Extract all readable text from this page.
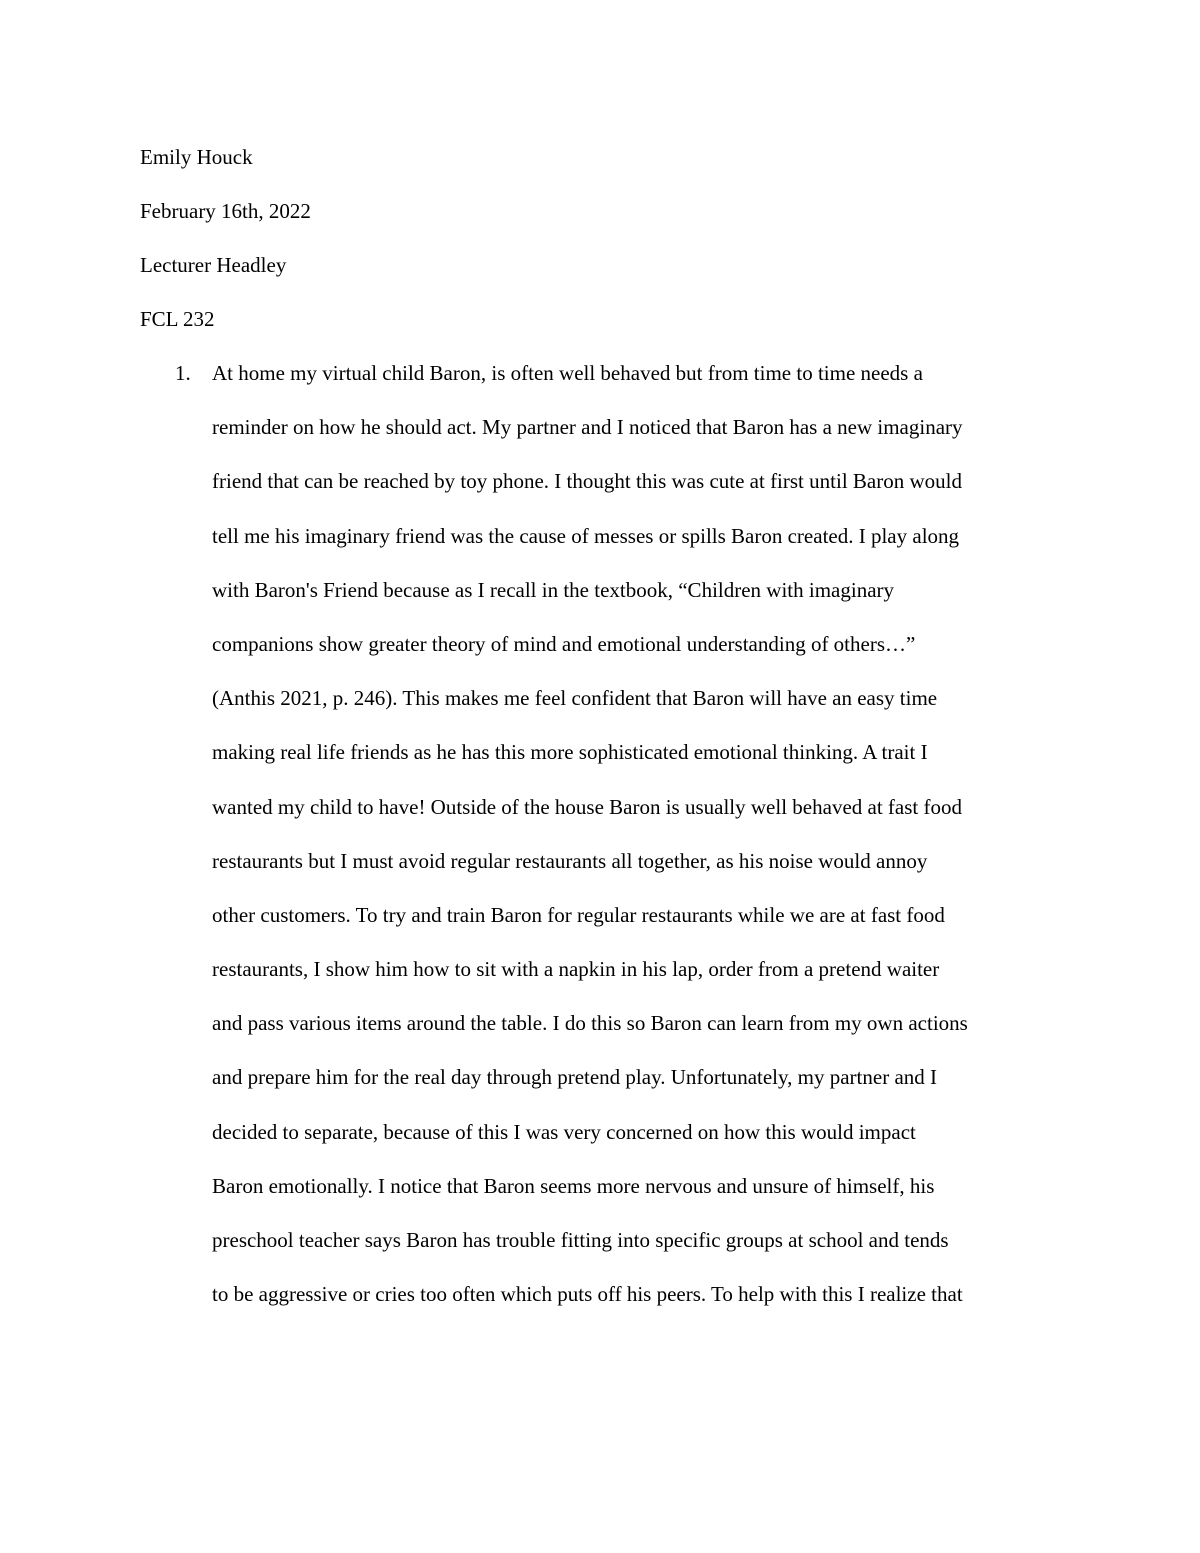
Emily Houck
February 16th, 2022
Lecturer Headley
FCL 232
1. At home my virtual child Baron, is often well behaved but from time to time needs a
reminder on how he should act. My partner and I noticed that Baron has a new imaginary
friend that can be reached by toy phone. I thought this was cute at first until Baron would
tell me his imaginary friend was the cause of messes or spills Baron created. I play along
with Baron's Friend because as I recall in the textbook, “Children with imaginary
companions show greater theory of mind and emotional understanding of others…”
(Anthis 2021, p. 246). This makes me feel confident that Baron will have an easy time
making real life friends as he has this more sophisticated emotional thinking. A trait I
wanted my child to have! Outside of the house Baron is usually well behaved at fast food
restaurants but I must avoid regular restaurants all together, as his noise would annoy
other customers. To try and train Baron for regular restaurants while we are at fast food
restaurants, I show him how to sit with a napkin in his lap, order from a pretend waiter
and pass various items around the table. I do this so Baron can learn from my own actions
and prepare him for the real day through pretend play. Unfortunately, my partner and I
decided to separate, because of this I was very concerned on how this would impact
Baron emotionally. I notice that Baron seems more nervous and unsure of himself, his
preschool teacher says Baron has trouble fitting into specific groups at school and tends
to be aggressive or cries too often which puts off his peers. To help with this I realize that
